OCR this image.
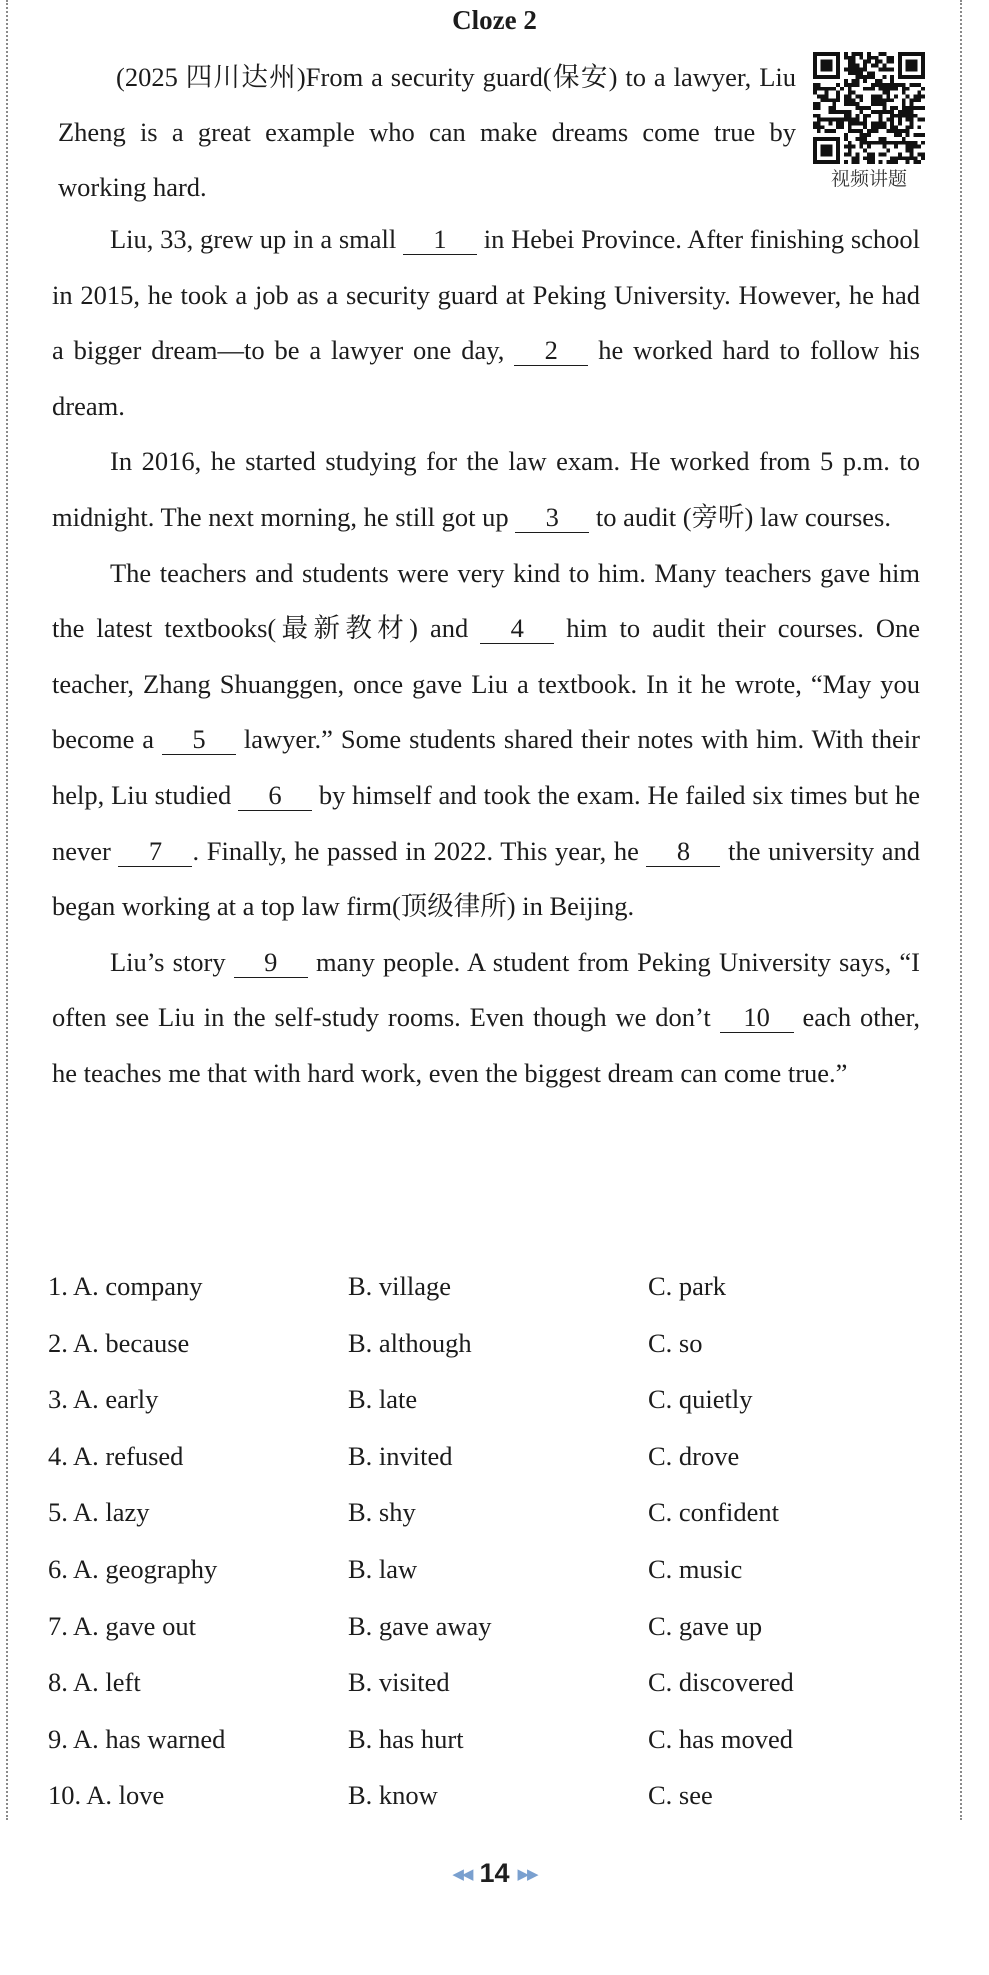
Cloze 2

(2025 四川达州)From a security guard(保安) to a lawyer, Liu Zheng is a great example who can make dreams come true by working hard.	视频讲题

Liu, 33, grew up in a small 1 in Hebei Province. After finishing school in 2015, he took a job as a security guard at Peking University. However, he had a bigger dream—to be a lawyer one day, 2 he worked hard to follow his dream.

In 2016, he started studying for the law exam. He worked from 5 p.m. to midnight. The next morning, he still got up 3 to audit (旁听) law courses.

The teachers and students were very kind to him. Many teachers gave him the latest textbooks(最新教材) and 4 him to audit their courses. One teacher, Zhang Shuanggen, once gave Liu a textbook. In it he wrote, “May you become a 5 lawyer.” Some students shared their notes with him. With their help, Liu studied 6 by himself and took the exam. He failed six times but he never 7 . Finally, he passed in 2022. This year, he 8 the university and began working at a top law firm(顶级律所) in Beijing.

Liu’s story 9 many people. A student from Peking University says, “I often see Liu in the self-study rooms. Even though we don’t 10 each other, he teaches me that with hard work, even the biggest dream can come true.”

1. A. company	B. village	C. park
2. A. because	B. although	C. so
3. A. early	B. late	C. quietly
4. A. refused	B. invited	C. drove
5. A. lazy	B. shy	C. confident
6. A. geography	B. law	C. music
7. A. gave out	B. gave away	C. gave up
8. A. left	B. visited	C. discovered
9. A. has warned	B. has hurt	C. has moved
10. A. love	B. know	C. see
◀◀ 14 ▶▶
